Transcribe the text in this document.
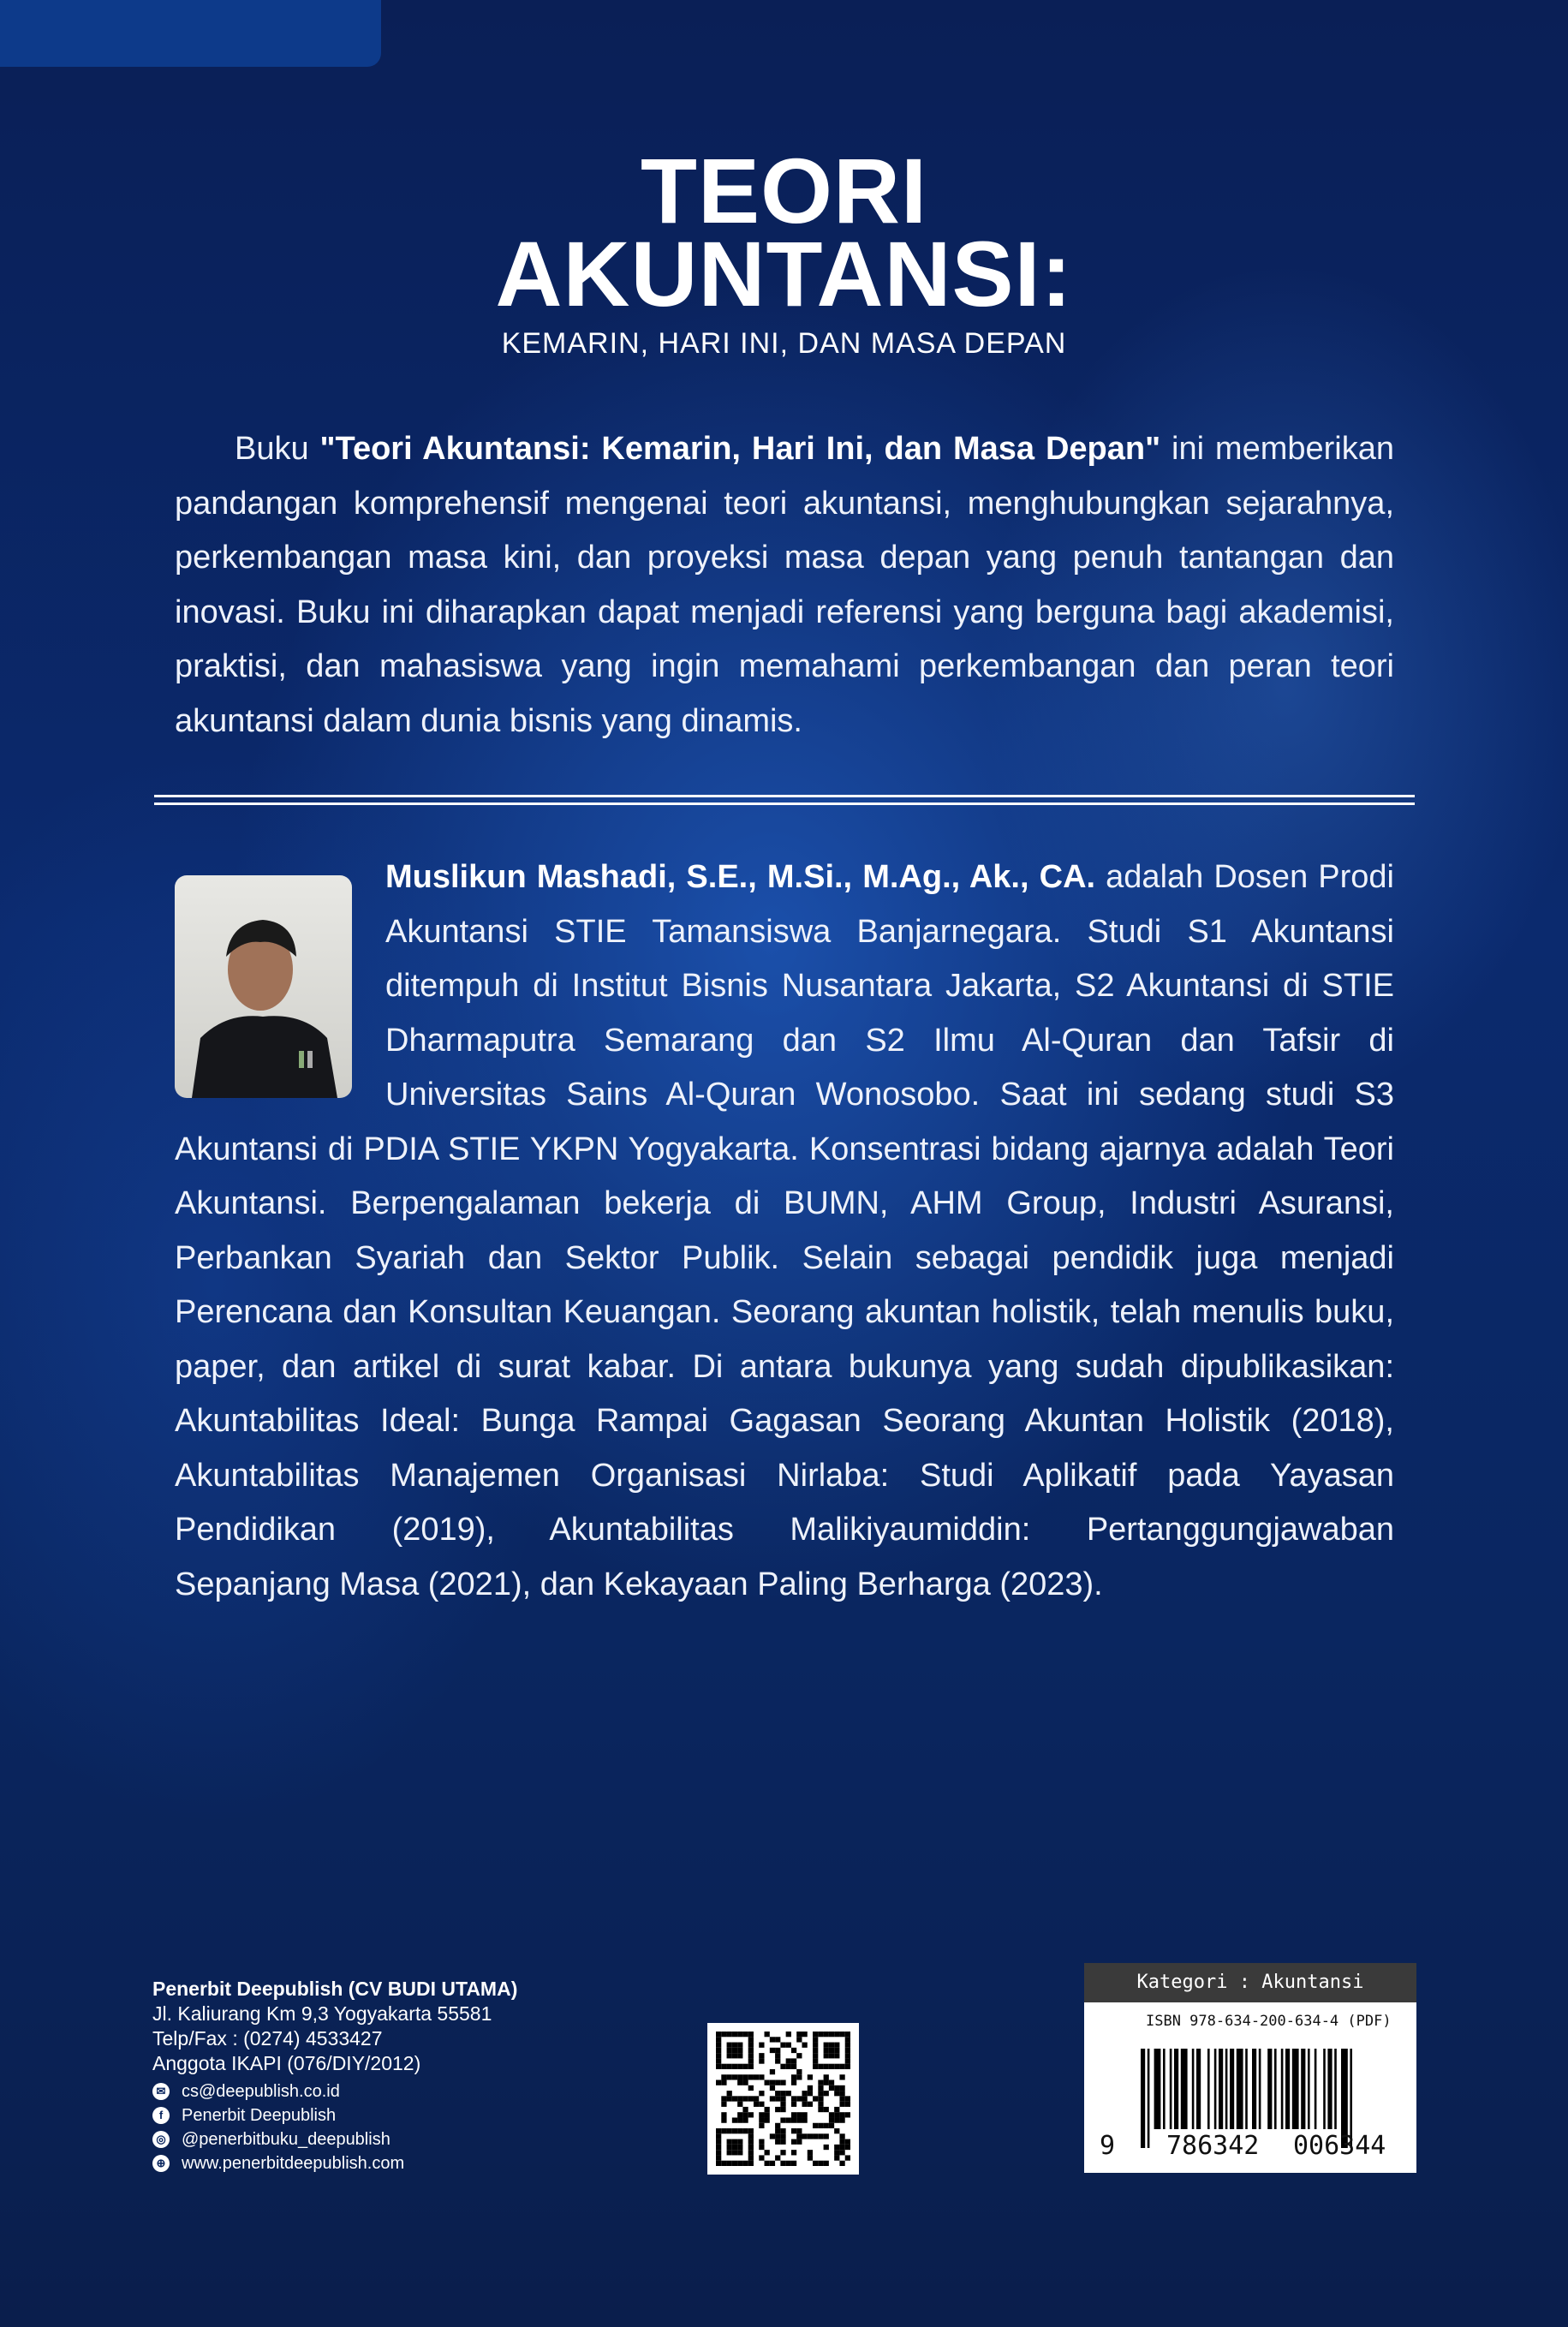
TEORI
AKUNTANSI:
KEMARIN, HARI INI, DAN MASA DEPAN
Buku "Teori Akuntansi: Kemarin, Hari Ini, dan Masa Depan" ini memberikan
pandangan komprehensif mengenai teori akuntansi, menghubungkan sejarahnya,
perkembangan masa kini, dan proyeksi masa depan yang penuh tantangan dan
inovasi. Buku ini diharapkan dapat menjadi referensi yang berguna bagi akademisi,
praktisi, dan mahasiswa yang ingin memahami perkembangan dan peran teori
akuntansi dalam dunia bisnis yang dinamis.
Muslikun Mashadi, S.E., M.Si., M.Ag., Ak., CA. adalah Dosen Prodi
Akuntansi STIE Tamansiswa Banjarnegara. Studi S1 Akuntansi
ditempuh di Institut Bisnis Nusantara Jakarta, S2 Akuntansi di STIE
Dharmaputra Semarang dan S2 Ilmu Al-Quran dan Tafsir di
Universitas Sains Al-Quran Wonosobo. Saat ini sedang studi S3
Akuntansi di PDIA STIE YKPN Yogyakarta. Konsentrasi bidang ajarnya adalah Teori
Akuntansi. Berpengalaman bekerja di BUMN, AHM Group, Industri Asuransi,
Perbankan Syariah dan Sektor Publik. Selain sebagai pendidik juga menjadi
Perencana dan Konsultan Keuangan. Seorang akuntan holistik, telah menulis buku,
paper, dan artikel di surat kabar. Di antara bukunya yang sudah dipublikasikan:
Akuntabilitas Ideal: Bunga Rampai Gagasan Seorang Akuntan Holistik (2018),
Akuntabilitas Manajemen Organisasi Nirlaba: Studi Aplikatif pada Yayasan
Pendidikan (2019), Akuntabilitas Malikiyaumiddin: Pertanggungjawaban
Sepanjang Masa (2021), dan Kekayaan Paling Berharga (2023).
Penerbit Deepublish (CV BUDI UTAMA)
Jl. Kaliurang Km 9,3 Yogyakarta 55581
Telp/Fax : (0274) 4533427
Anggota IKAPI (076/DIY/2012)
✉ cs@deepublish.co.id
f	Penerbit Deepublish
◎ @penerbitbuku_deepublish
⊕ www.penerbitdeepublish.com
Kategori : Akuntansi
ISBN 978-634-200-634-4 (PDF)
9 786342 006344
